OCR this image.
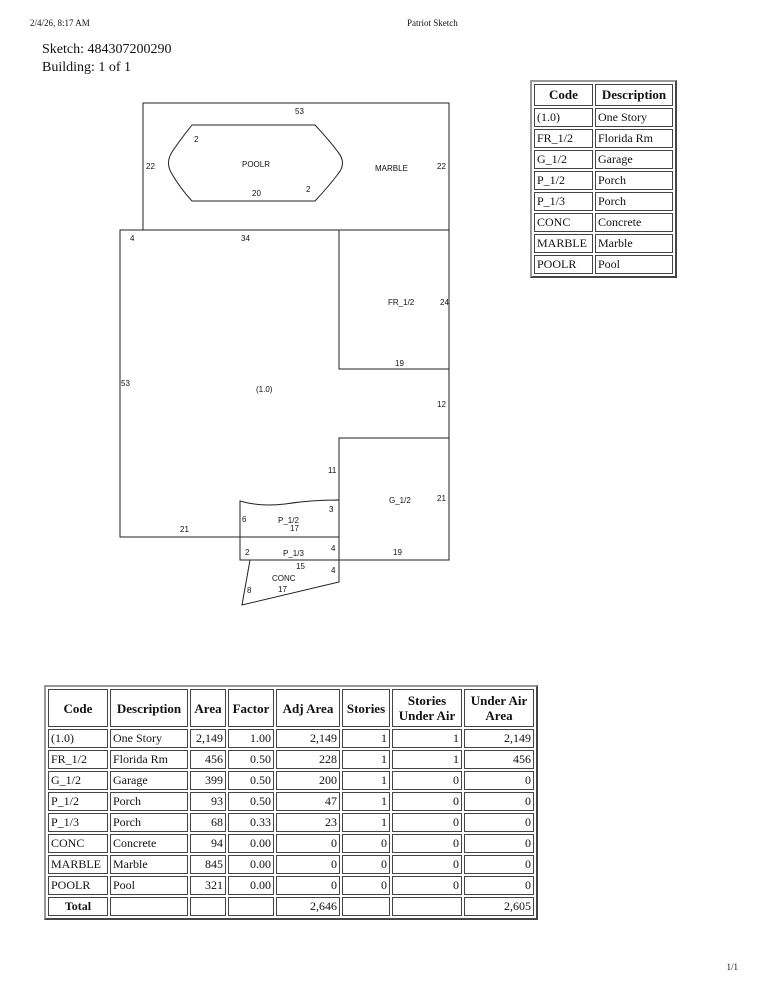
2/4/26, 8:17 AM	Patriot Sketch
Sketch: 484307200290
Building: 1 of 1
POOLR	MARBLE
FR_1/2
(1.0)
G_1/2
P_1/2
P_1/3
CONC
53
22	22
2
20	2
4	34
24
19
53
12
11
21
6
3
17
21
2	4	19
15	4
8	17
Code	Description
(1.0)	One Story
FR_1/2	Florida Rm
G_1/2	Garage
P_1/2	Porch
P_1/3	Porch
CONC	Concrete
MARBLE	Marble
POOLR	Pool
Code	Description	Area	Factor	Adj Area	Stories	Stories Under Air	Under Air Area
(1.0)	One Story	2,149	1.00	2,149	1	1	2,149
FR_1/2	Florida Rm	456	0.50	228	1	1	456
G_1/2	Garage	399	0.50	200	1	0	0
P_1/2	Porch	93	0.50	47	1	0	0
P_1/3	Porch	68	0.33	23	1	0	0
CONC	Concrete	94	0.00	0	0	0	0
MARBLE	Marble	845	0.00	0	0	0	0
POOLR	Pool	321	0.00	0	0	0	0
Total				2,646			2,605
1/1
